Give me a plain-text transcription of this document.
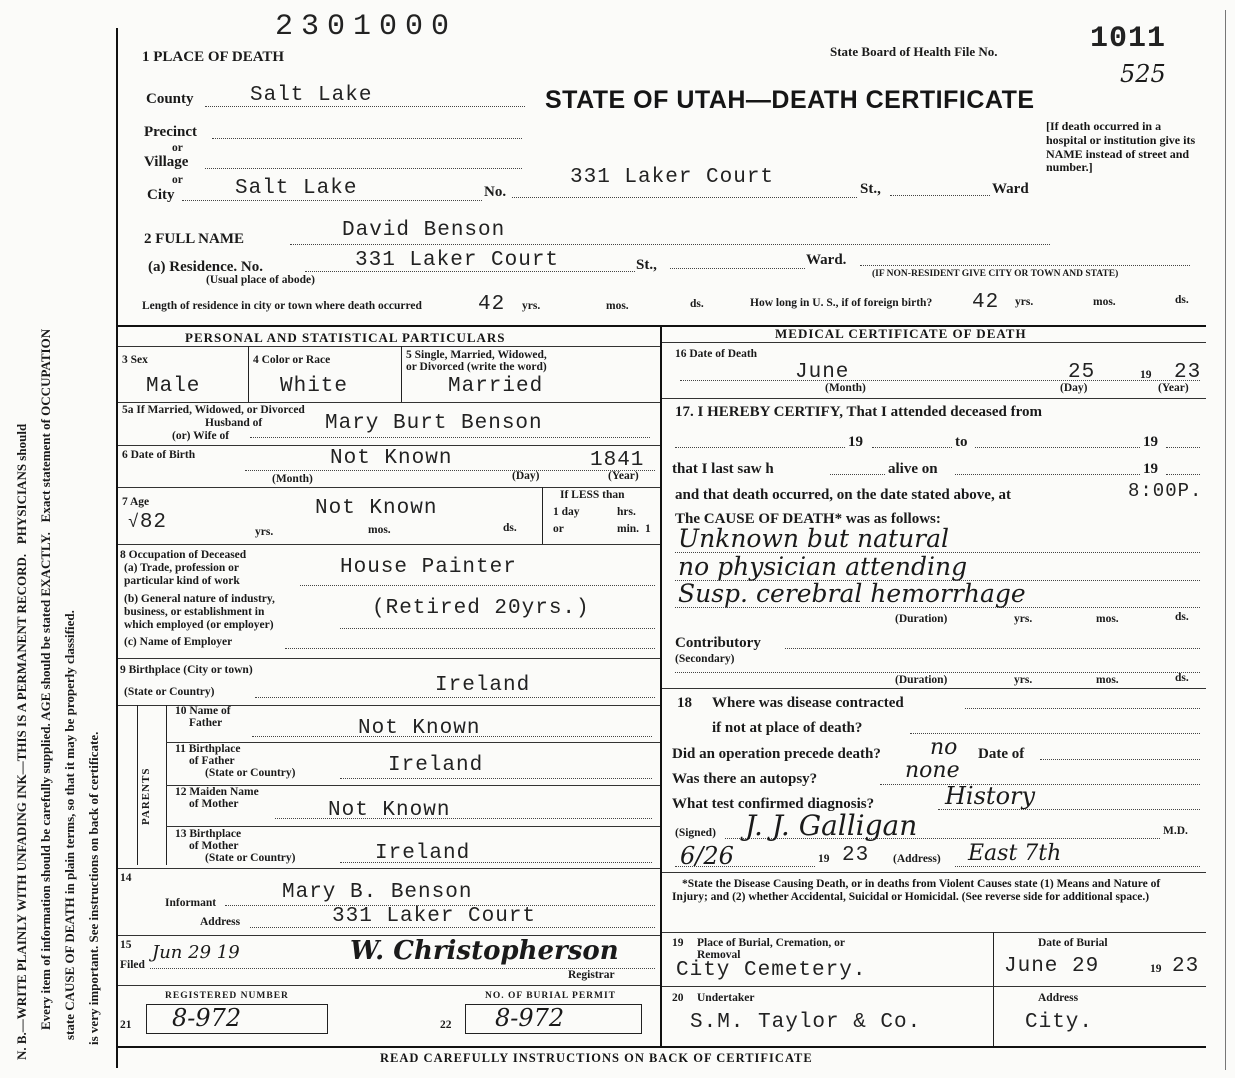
N. B.—WRITE PLAINLY WITH UNFADING INK—THIS IS A PERMANENT RECORD.   PHYSICIANS should
Every item of information should be carefully supplied. AGE should be stated EXACTLY.   Exact statement of OCCUPATION
state CAUSE OF DEATH in plain terms, so that it may be properly classified. is very important. See instructions on back of certificate.
2301000
State Board of Health File No.	1011
525
STATE OF UTAH—DEATH CERTIFICATE
[If death occurred in a hospital or institution give its NAME instead of street and number.]
1 PLACE OF DEATH
County	Salt Lake
Precinct
or
Village
or
City	Salt Lake	No.
331 Laker Court	St.,	Ward
2 FULL NAME	David Benson
(a) Residence. No.	331 Laker Court	St.,	Ward.
(Usual place of abode)	(IF NON-RESIDENT GIVE CITY OR TOWN AND STATE)
Length of residence in city or town where death occurred	42 yrs.	mos.	ds.	How long in U. S., if of foreign birth? 42 yrs.	mos.	ds.
PERSONAL AND STATISTICAL PARTICULARS
3 Sex
Male
4 Color or Race
White
5 Single, Married, Widowed,
or Divorced (write the word)
Married
5a If Married, Widowed, or Divorced
Husband of
(or) Wife of
Mary Burt Benson
6 Date of Birth	Not Known	1841
(Month)	(Day)	(Year)
7 Age
√82	yrs.
Not Known
mos.	ds.
If LESS than
1 day	hrs.
or	min. 1
8 Occupation of Deceased
(a) Trade, profession or
particular kind of work
House Painter
(b) General nature of industry,
business, or establishment in
which employed (or employer)
(Retired 20yrs.)
(c) Name of Employer
9 Birthplace (City or town)
(State or Country)	Ireland
PARENTS
10 Name of
Father	Not Known
11 Birthplace
of Father
(State or Country)	Ireland
12 Maiden Name
of Mother	Not Known
13 Birthplace
of Mother
(State or Country)	Ireland
14
Informant	Mary B. Benson
Address	331 Laker Court
15
Filed
Jun 29 19	W. Christopherson
Registrar
REGISTERED NUMBER
21 8-972
NO. OF BURIAL PERMIT
22 8-972
MEDICAL CERTIFICATE OF DEATH
16 Date of Death
June	25	19 23
(Month)	(Day)	(Year)
17. I HEREBY CERTIFY, That I attended deceased from
19	to	19
that I last saw h	alive on	19
and that death occurred, on the date stated above, at	8:00P.
The CAUSE OF DEATH* was as follows:
Unknown but natural
no physician attending
Susp. cerebral hemorrhage
(Duration)	yrs.	mos.	ds.
Contributory
(Secondary)
(Duration)	yrs.	mos.	ds.
18 Where was disease contracted
if not at place of death?
Did an operation precede death? no Date of
Was there an autopsy?	none
What test confirmed diagnosis?	History
(Signed) J. J. Galligan	M.D.
6/26	19 23 (Address) East 7th
*State the Disease Causing Death, or in deaths from Violent Causes state (1) Means and Nature of Injury; and (2) whether Accidental, Suicidal or Homicidal. (See reverse side for additional space.)
19 Place of Burial, Cremation, or
Removal
City Cemetery.
Date of Burial
June 29	19 23
20 Undertaker
S.M. Taylor & Co.
Address
City.
READ CAREFULLY INSTRUCTIONS ON BACK OF CERTIFICATE
